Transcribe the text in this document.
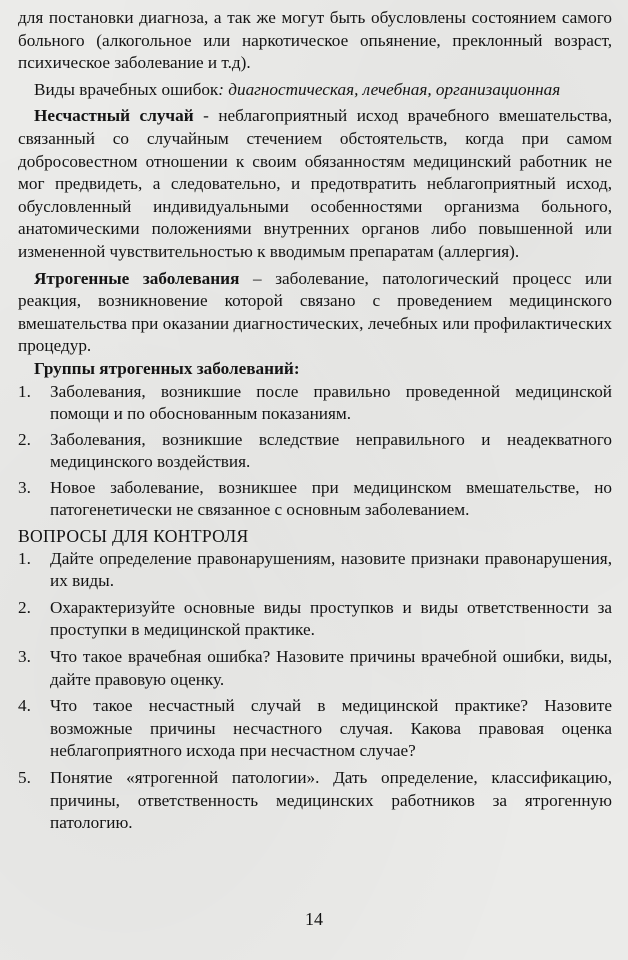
для постановки диагноза, а так же могут быть обусловлены состоянием самого больного (алкогольное или наркотическое опьянение, преклонный возраст, психическое заболевание и т.д).

Виды врачебных ошибок: диагностическая, лечебная, организационная

Несчастный случай - неблагоприятный исход врачебного вмешательства, связанный со случайным стечением обстоятельств, когда при самом добросовестном отношении к своим обязанностям медицинский работник не мог предвидеть, а следовательно, и предотвратить неблагоприятный исход, обусловленный индивидуальными особенностями организма больного, анатомическими положениями внутренних органов либо повышенной или измененной чувствительностью к вводимым препаратам (аллергия).

Ятрогенные заболевания – заболевание, патологический процесс или реакция, возникновение которой связано с проведением медицинского вмешательства при оказании диагностических, лечебных или профилактических процедур.

Группы ятрогенных заболеваний:

1.	Заболевания, возникшие после правильно проведенной медицинской помощи и по обоснованным показаниям.
2.	Заболевания, возникшие вследствие неправильного и неадекватного медицинского воздействия.
3.	Новое заболевание, возникшее при медицинском вмешательстве, но патогенетически не связанное с основным заболеванием.

ВОПРОСЫ ДЛЯ КОНТРОЛЯ

1.	Дайте определение правонарушениям, назовите признаки правонарушения, их виды.
2.	Охарактеризуйте основные виды проступков и виды ответственности за проступки в медицинской практике.
3.	Что такое врачебная ошибка? Назовите причины врачебной ошибки, виды, дайте правовую оценку.
4.	Что такое несчастный случай в медицинской практике? Назовите возможные причины несчастного случая. Какова правовая оценка неблагоприятного исхода при несчастном случае?
5.	Понятие «ятрогенной патологии». Дать определение, классификацию, причины, ответственность медицинских работников за ятрогенную патологию.
14
